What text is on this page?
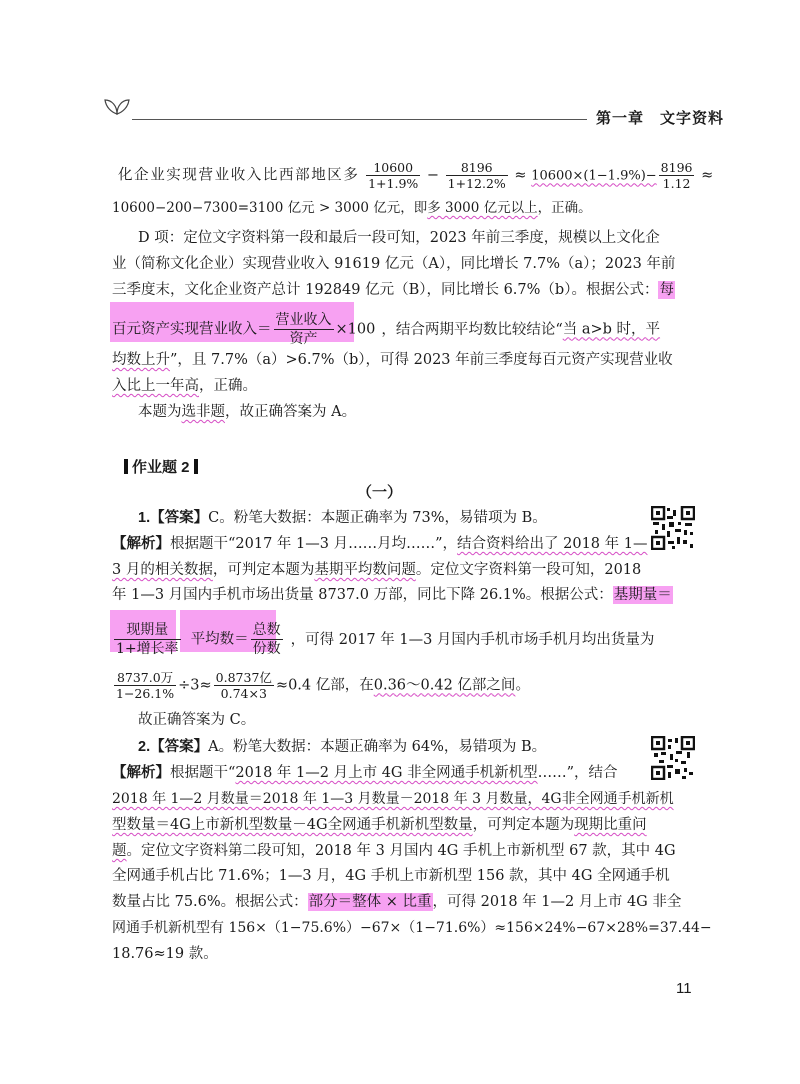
第一章　文字资料
化企业实现营业收入比西部地区多 $\frac{10600}{1+1.9\%} - \frac{8196}{1+12.2\%} \approx 10600\times(1-1.9\%)- \frac{8196}{1.12}$ ≈
10600−200−7300=3100 亿元 > 3000 亿元，即多 3000 亿元以上，正确。
D 项：定位文字资料第一段和最后一段可知，2023 年前三季度，规模以上文化企
业（简称文化企业）实现营业收入 91619 亿元（A），同比增长 7.7%（a）；2023 年前
三季度末，文化企业资产总计 192849 亿元（B），同比增长 6.7%（b）。根据公式：每
百元资产实现营业收入＝ $\frac{\text{营业收入}}{\text{资产}} \times 100$ ，结合两期平均数比较结论“当 a>b 时，平
均数上升”，且 7.7%（a）>6.7%（b），可得 2023 年前三季度每百元资产实现营业收
入比上一年高，正确。
本题为选非题，故正确答案为 A。
作业题 2
（一）
1.【答案】C。粉笔大数据：本题正确率为 73%，易错项为 B。
【解析】根据题干“2017 年 1—3 月……月均……”，结合资料给出了 2018 年 1—
3 月的相关数据，可判定本题为基期平均数问题。定位文字资料第一段可知，2018
年 1—3 月国内手机市场出货量 8737.0 万部，同比下降 26.1%。根据公式：基期量＝
$\frac{\text{现期量}}{\text{1+增长率}}$ 平均数＝ $\frac{\text{总数}}{\text{份数}}$ ，可得 2017 年 1—3 月国内手机市场手机月均出货量为
$\frac{\text{8737.0万}}{1-26.1\%} \div 3\approx \frac{\text{0.8737亿}}{0.74\times 3} \approx 0.4$ 亿部，在0.36～0.42 亿部之间。
故正确答案为 C。
2.【答案】A。粉笔大数据：本题正确率为 64%，易错项为 B。
【解析】根据题干“2018 年 1—2 月上市 4G 非全网通手机新机型……”，结合
2018 年 1—2 月数量＝2018 年 1—3 月数量－2018 年 3 月数量，4G非全网通手机新机
型数量＝4G上市新机型数量－4G全网通手机新机型数量，可判定本题为现期比重问
题。定位文字资料第二段可知，2018 年 3 月国内 4G 手机上市新机型 67 款，其中 4G
全网通手机占比 71.6%；1—3 月，4G 手机上市新机型 156 款，其中 4G 全网通手机
数量占比 75.6%。根据公式：部分＝整体 × 比重，可得 2018 年 1—2 月上市 4G 非全
网通手机新机型有 156×（1−75.6%）−67×（1−71.6%）≈156×24%−67×28%=37.44−
18.76≈19 款。
11
